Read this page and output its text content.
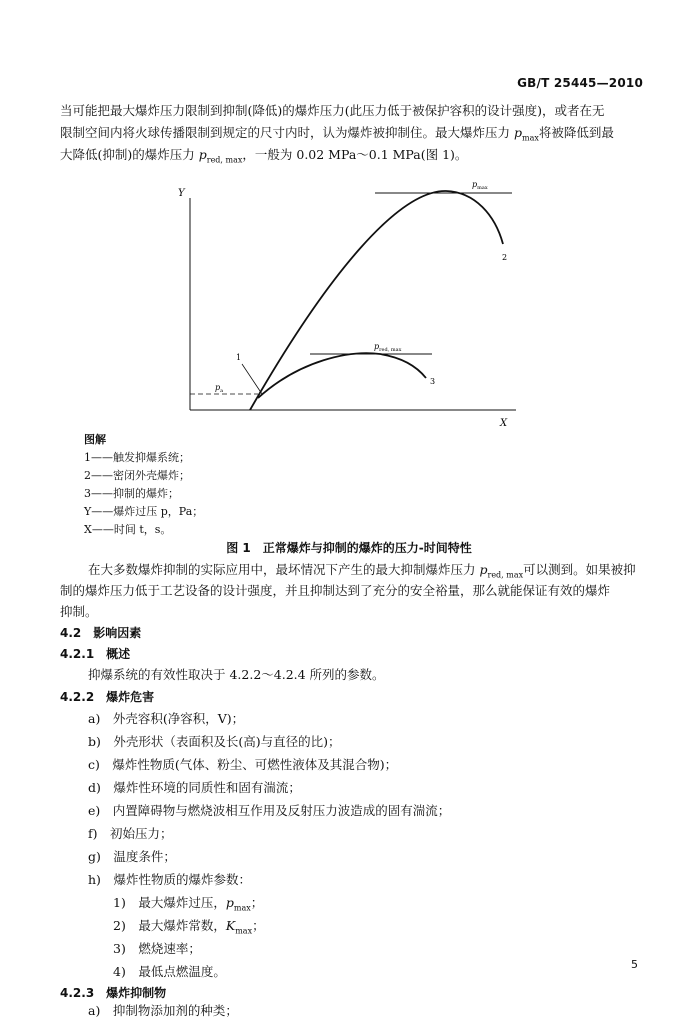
GB/T 25445—2010
当可能把最大爆炸压力限制到抑制(降低)的爆炸压力(此压力低于被保护容积的设计强度)，或者在无
限制空间内将火球传播限制到规定的尺寸内时，认为爆炸被抑制住。最大爆炸压力 $p_{max}$将被降低到最
大降低(抑制)的爆炸压力 $p_{red, max}$，一般为 0.02 MPa～0.1 MPa(图 1)。
Y
X
$p_a$
$p_{max}$
$p_{red, max}$
1
2
3
图解
1——触发抑爆系统；
2——密闭外壳爆炸；
3——抑制的爆炸；
Y——爆炸过压 p，Pa；
X——时间 t，s。
图 1　正常爆炸与抑制的爆炸的压力-时间特性
在大多数爆炸抑制的实际应用中，最坏情况下产生的最大抑制爆炸压力 $p_{red, max}$可以测到。如果被抑
制的爆炸压力低于工艺设备的设计强度，并且抑制达到了充分的安全裕量，那么就能保证有效的爆炸
抑制。
4.2　影响因素
4.2.1　概述
抑爆系统的有效性取决于 4.2.2～4.2.4 所列的参数。
4.2.2　爆炸危害
a)　 外壳容积(净容积，V)；
b)　 外壳形状（表面积及长(高)与直径的比)；
c)　 爆炸性物质(气体、粉尘、可燃性液体及其混合物)；
d)　 爆炸性环境的同质性和固有湍流；
e)　 内置障碍物与燃烧波相互作用及反射压力波造成的固有湍流；
f)　 初始压力；
g)　 温度条件；
h)　 爆炸性物质的爆炸参数：
1)　 最大爆炸过压，$p_{max}$；
2)　 最大爆炸常数，$K_{max}$；
3)　 燃烧速率；
4)　 最低点燃温度。
4.2.3　爆炸抑制物
a)　 抑制物添加剂的种类；
5
